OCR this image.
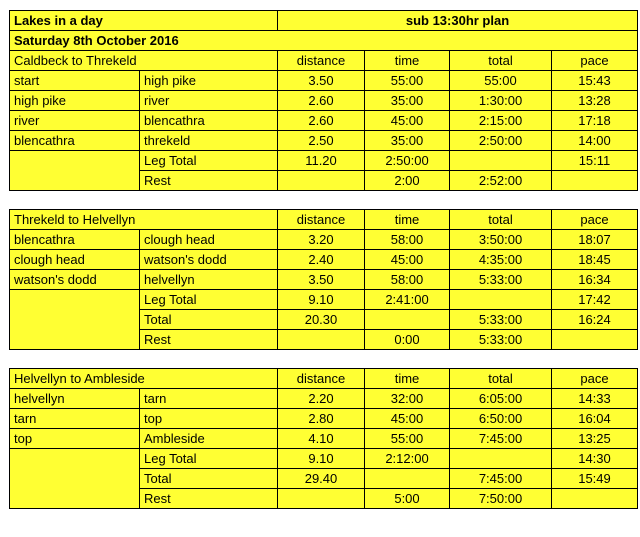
Lakes in a day		sub 13:30hr plan			
Saturday 8th October 2016					
Caldbeck to Threkeld		distance	time	total	pace
start	high pike	3.50	55:00	55:00	15:43
high pike	river	2.60	35:00	1:30:00	13:28
river	blencathra	2.60	45:00	2:15:00	17:18
blencathra	threkeld	2.50	35:00	2:50:00	14:00
	Leg Total	11.20	2:50:00		15:11
	Rest		2:00	2:52:00	

Threkeld to Helvellyn		distance	time	total	pace
blencathra	clough head	3.20	58:00	3:50:00	18:07
clough head	watson's dodd	2.40	45:00	4:35:00	18:45
watson's dodd	helvellyn	3.50	58:00	5:33:00	16:34
	Leg Total	9.10	2:41:00		17:42
	Total	20.30		5:33:00	16:24
	Rest		0:00	5:33:00	

Helvellyn to Ambleside		distance	time	total	pace
helvellyn	tarn	2.20	32:00	6:05:00	14:33
tarn	top	2.80	45:00	6:50:00	16:04
top	Ambleside	4.10	55:00	7:45:00	13:25
	Leg Total	9.10	2:12:00		14:30
	Total	29.40		7:45:00	15:49
	Rest		5:00	7:50:00	
